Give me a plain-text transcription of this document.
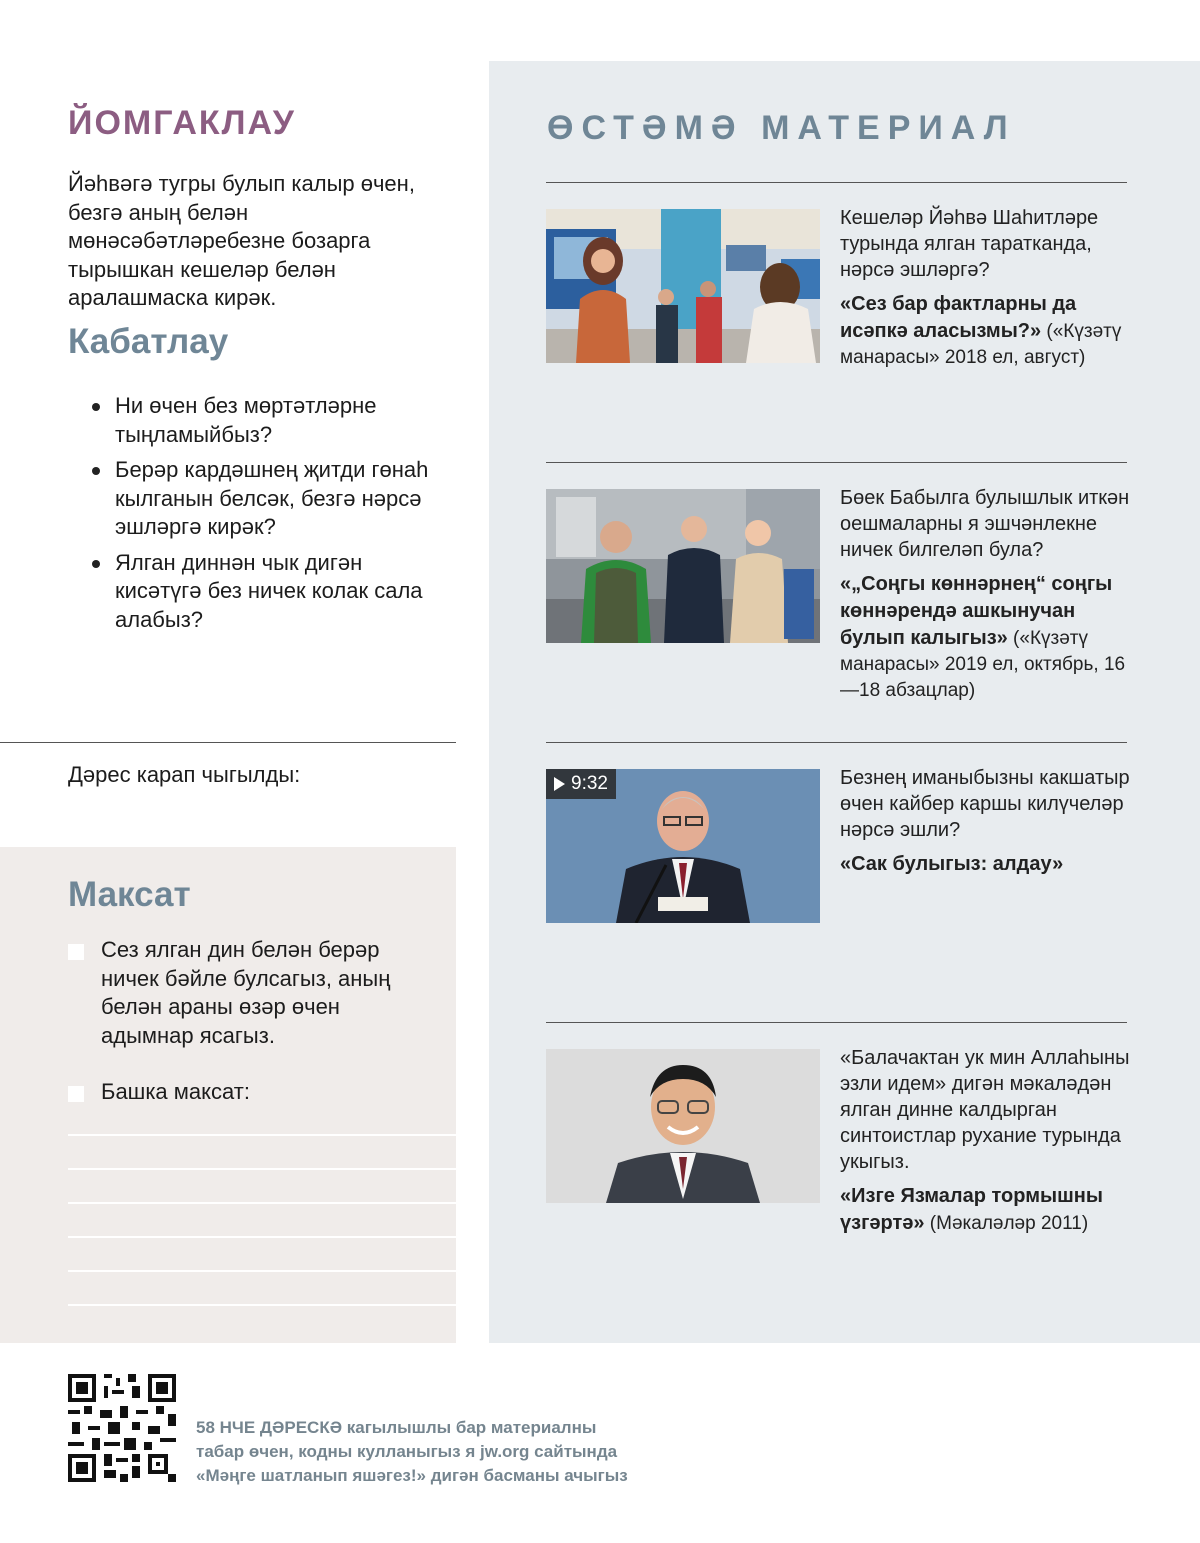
ЙОМГАКЛАУ

Йәһвәгә тугры булып калыр өчен, безгә аның белән мөнәсәбәтләребезне бозарга тырышкан кешеләр белән аралашмаска кирәк.

Кабатлау
Ни өчен без мөртәтләрне тыңламыйбыз?
Берәр кардәшнең җитди гөнаһ кылганын белсәк, безгә нәрсә эшләргә кирәк?
Ялган диннән чык дигән кисәтүгә без ничек колак сала алабыз?
Дәрес карап чыгылды:
Максат

Сез ялган дин белән берәр ничек бәйле булсагыз, аның белән араны өзәр өчен адымнар ясагыз.

Башка максат:

ӨСТӘМӘ МАТЕРИАЛ

Кешеләр Йәһвә Шаһитләре турында ялган таратканда, нәрсә эшләргә?

«Сез бар фактларны да исәпкә аласызмы?» («Күзәтү манарасы» 2018 ел, август)

Бөек Бабылга булышлык иткән оешмаларны я эшчәнлекне ничек билгеләп була?

«„Соңгы көннәрнең“ соңгы көннәрендә ашкынучан булып калыгыз» («Күзәтү манарасы» 2019 ел, октябрь, 16—18 абзацлар)

9:32	Безнең иманыбызны какшатыр өчен кайбер каршы килүчеләр нәрсә эшли?

«Сак булыгыз: алдау»

«Балачактан ук мин Аллаһыны эзли идем» дигән мәкаләдән ялган динне калдырган синтоистлар рухание турында укыгыз.

«Изге Язмалар тормышны үзгәртә» (Мәкаләләр 2011)

58 НЧЕ ДӘРЕСКӘ кагылышлы бар материалны
табар өчен, кодны кулланыгыз я jw.org сайтында
«Мәңге шатланып яшәгез!» дигән басманы ачыгыз
